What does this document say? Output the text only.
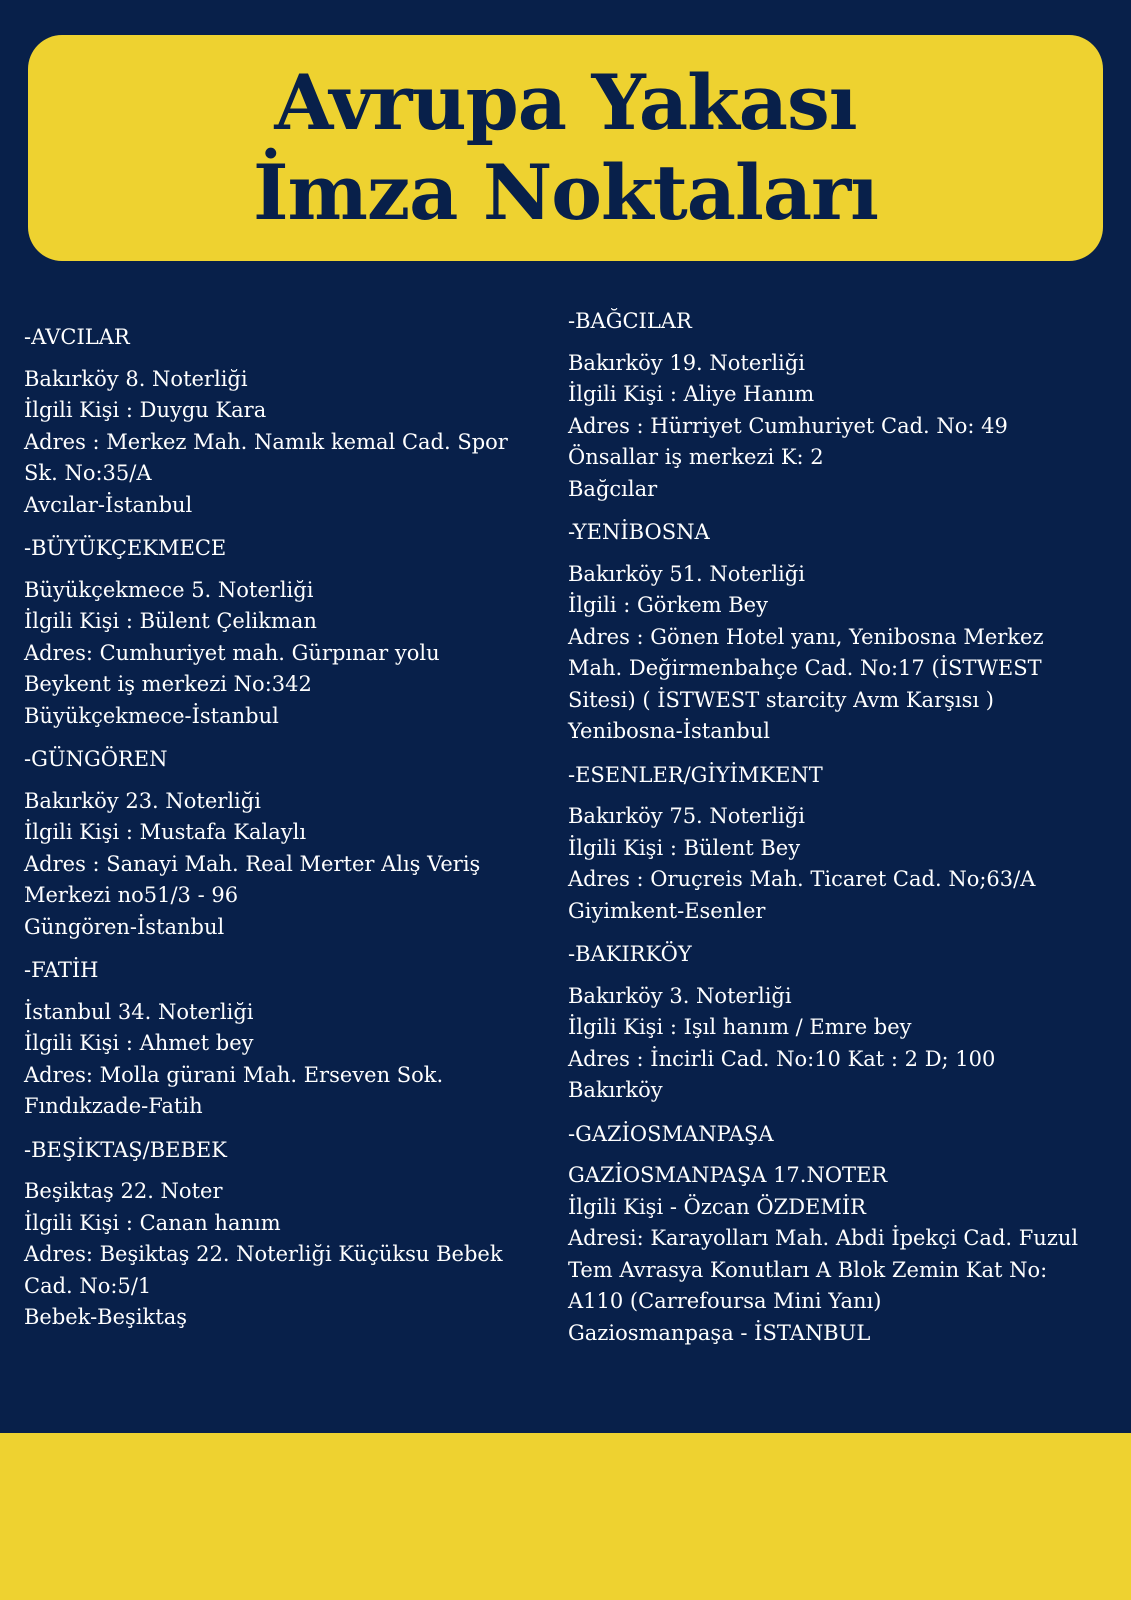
Avrupa Yakası
İmza Noktaları
-AVCILAR
Bakırköy 8. Noterliği
İlgili Kişi : Duygu Kara
Adres : Merkez Mah. Namık kemal Cad. Spor
Sk. No:35/A
Avcılar-İstanbul
-BÜYÜKÇEKMECE
Büyükçekmece 5. Noterliği
İlgili Kişi : Bülent Çelikman
Adres: Cumhuriyet mah. Gürpınar yolu
Beykent iş merkezi No:342
Büyükçekmece-İstanbul
-GÜNGÖREN
Bakırköy 23. Noterliği
İlgili Kişi : Mustafa Kalaylı
Adres : Sanayi Mah. Real Merter Alış Veriş
Merkezi no51/3 - 96
Güngören-İstanbul
-FATİH
İstanbul 34. Noterliği
İlgili Kişi : Ahmet bey
Adres: Molla gürani Mah. Erseven Sok.
Fındıkzade-Fatih
-BEŞİKTAŞ/BEBEK
Beşiktaş 22. Noter
İlgili Kişi : Canan hanım
Adres: Beşiktaş 22. Noterliği Küçüksu Bebek
Cad. No:5/1
Bebek-Beşiktaş
-BAĞCILAR
Bakırköy 19. Noterliği
İlgili Kişi : Aliye Hanım
Adres : Hürriyet Cumhuriyet Cad. No: 49
Önsallar iş merkezi K: 2
Bağcılar
-YENİBOSNA
Bakırköy 51. Noterliği
İlgili : Görkem Bey
Adres : Gönen Hotel yanı, Yenibosna Merkez
Mah. Değirmenbahçe Cad. No:17 (İSTWEST
Sitesi) ( İSTWEST starcity Avm Karşısı )
Yenibosna-İstanbul
-ESENLER/GİYİMKENT
Bakırköy 75. Noterliği
İlgili Kişi : Bülent Bey
Adres : Oruçreis Mah. Ticaret Cad. No;63/A
Giyimkent-Esenler
-BAKIRKÖY
Bakırköy 3. Noterliği
İlgili Kişi : Işıl hanım / Emre bey
Adres : İncirli Cad. No:10 Kat : 2 D; 100
Bakırköy
-GAZİOSMANPAŞA
GAZİOSMANPAŞA 17.NOTER
İlgili Kişi - Özcan ÖZDEMİR
Adresi: Karayolları Mah. Abdi İpekçi Cad. Fuzul
Tem Avrasya Konutları A Blok Zemin Kat No:
A110 (Carrefoursa Mini Yanı)
Gaziosmanpaşa - İSTANBUL
